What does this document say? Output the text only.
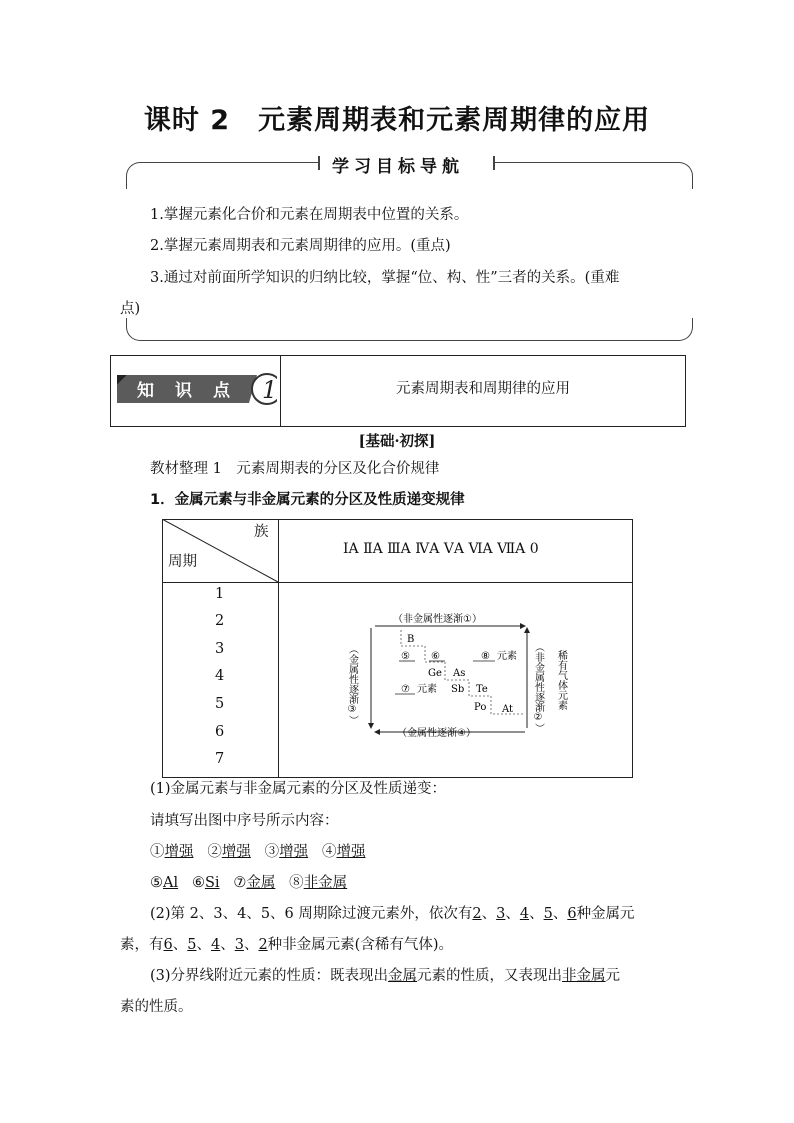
课时 2　元素周期表和元素周期律的应用
学习目标导航
1.掌握元素化合价和元素在周期表中位置的关系。
2.掌握元素周期表和元素周期律的应用。(重点)
3.通过对前面所学知识的归纳比较，掌握“位、构、性”三者的关系。(重难
点)
知 识 点 1	元素周期表和周期律的应用
[基础·初探]
教材整理 1　元素周期表的分区及化合价规律
1．金属元素与非金属元素的分区及性质递变规律
族
周期
ⅠA ⅡA ⅢA ⅣA ⅤA ⅥA ⅦA 0
1
2
3
4
5
6
7
（非金属性逐渐①）
（金属性逐渐④）
（金属性逐渐③）	（非金属性逐渐②） 稀有气体元素
B
⑤ ⑥
Ge As
Sb Te
Po At
⑦ 元素
⑧ 元素
(1)金属元素与非金属元素的分区及性质递变：
请填写出图中序号所示内容：
①增强 ②增强 ③增强 ④增强
⑤Al ⑥Si ⑦金属 ⑧非金属
(2)第 2、3、4、5、6 周期除过渡元素外，依次有2、3、4、5、6种金属元
素，有6、5、4、3、2种非金属元素(含稀有气体)。
(3)分界线附近元素的性质：既表现出金属元素的性质，又表现出非金属元
素的性质。
